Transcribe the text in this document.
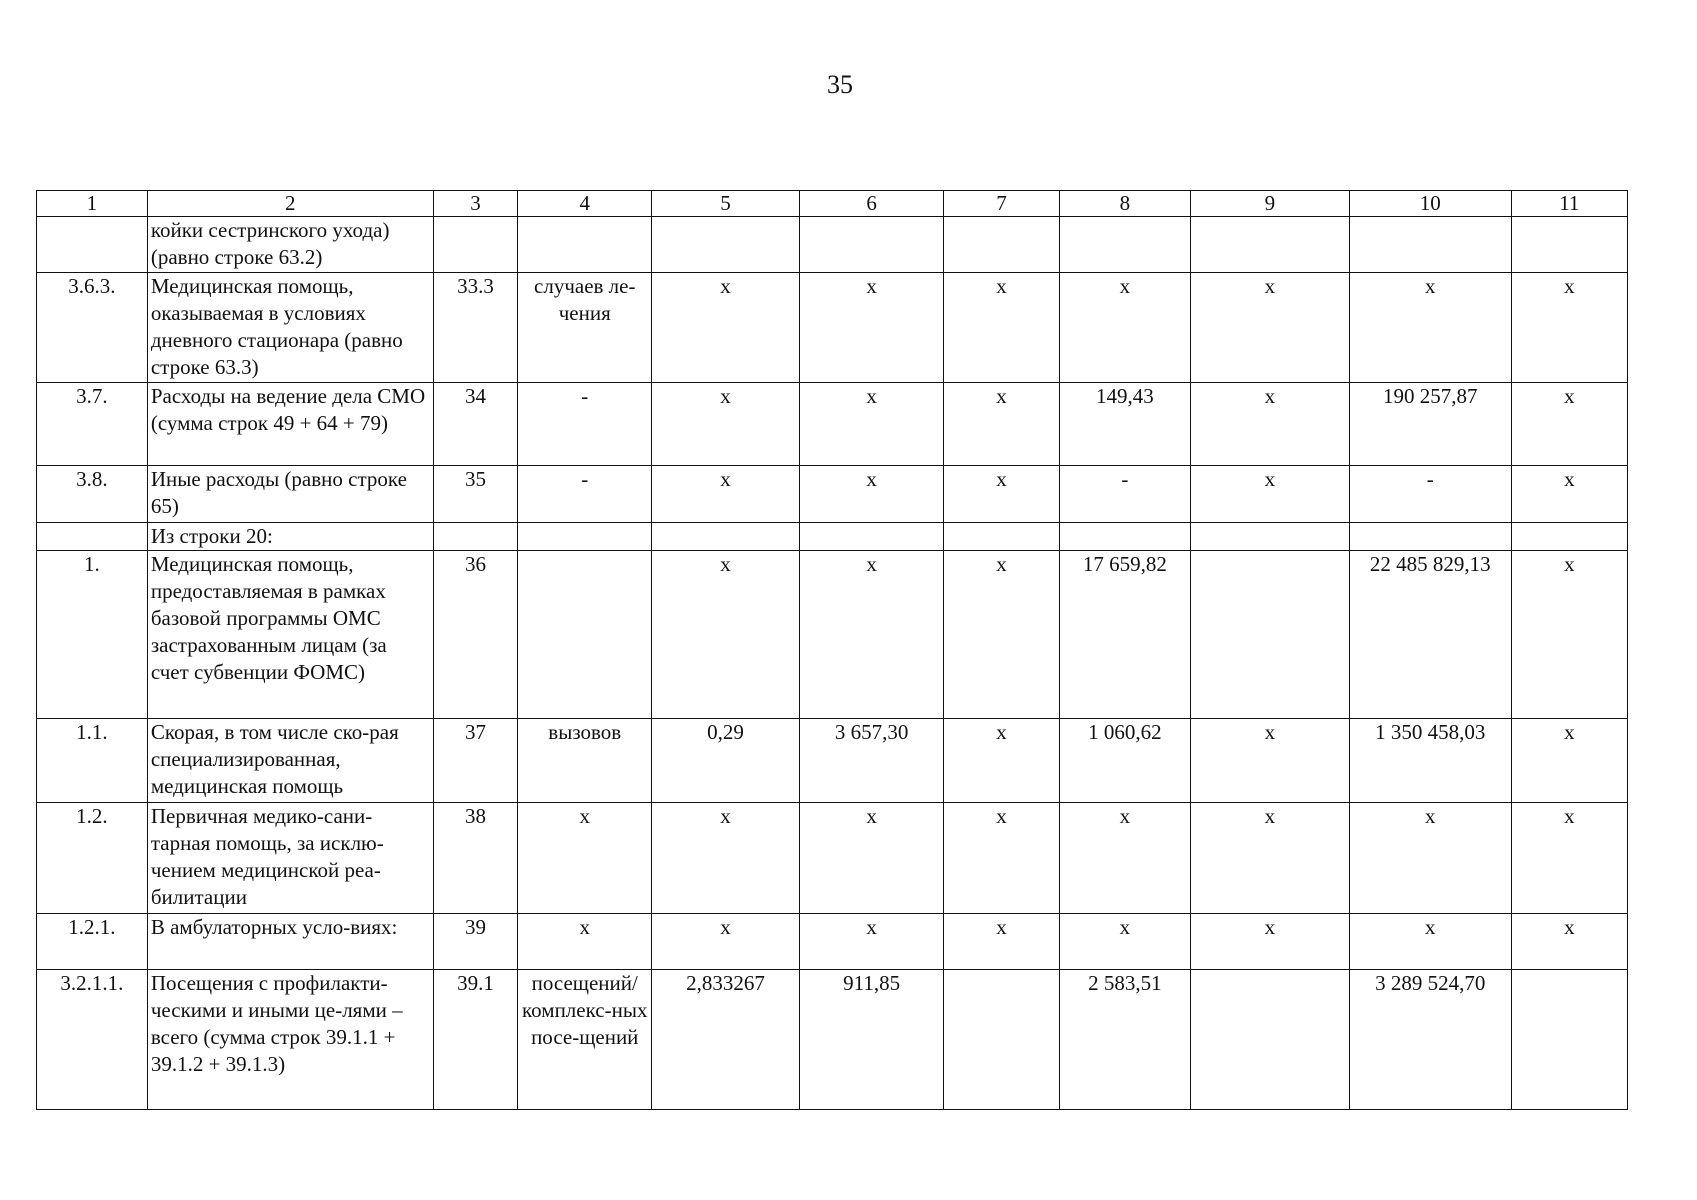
35
1	2	3	4	5	6	7	8	9	10	11
	койки сестринского ухода) (равно строке 63.2)									
3.6.3.	Медицинская помощь, оказываемая в условиях дневного стационара (равно строке 63.3)	33.3	случаев ле-чения	x	x	x	x	x	x	x
3.7.	Расходы на ведение дела СМО (сумма строк 49 + 64 + 79)	34	-	x	x	x	149,43	x	190 257,87	x
3.8.	Иные расходы (равно строке 65)	35	-	x	x	x	-	x	-	x
	Из строки 20:									
1.	Медицинская помощь, предоставляемая в рамках базовой программы ОМС застрахованным лицам (за счет субвенции ФОМС)	36		x	x	x	17 659,82		22 485 829,13	x
1.1.	Скорая, в том числе ско-рая специализированная, медицинская помощь	37	вызовов	0,29	3 657,30	x	1 060,62	x	1 350 458,03	x
1.2.	Первичная медико-сани-тарная помощь, за исклю-чением медицинской реа-билитации	38	x	x	x	x	x	x	x	x
1.2.1.	В амбулаторных усло-виях:	39	x	x	x	x	x	x	x	x
3.2.1.1.	Посещения с профилакти-ческими и иными це-лями – всего (сумма строк 39.1.1 + 39.1.2 + 39.1.3)	39.1	посещений/ комплекс-ных посе-щений	2,833267	911,85		2 583,51		3 289 524,70	
